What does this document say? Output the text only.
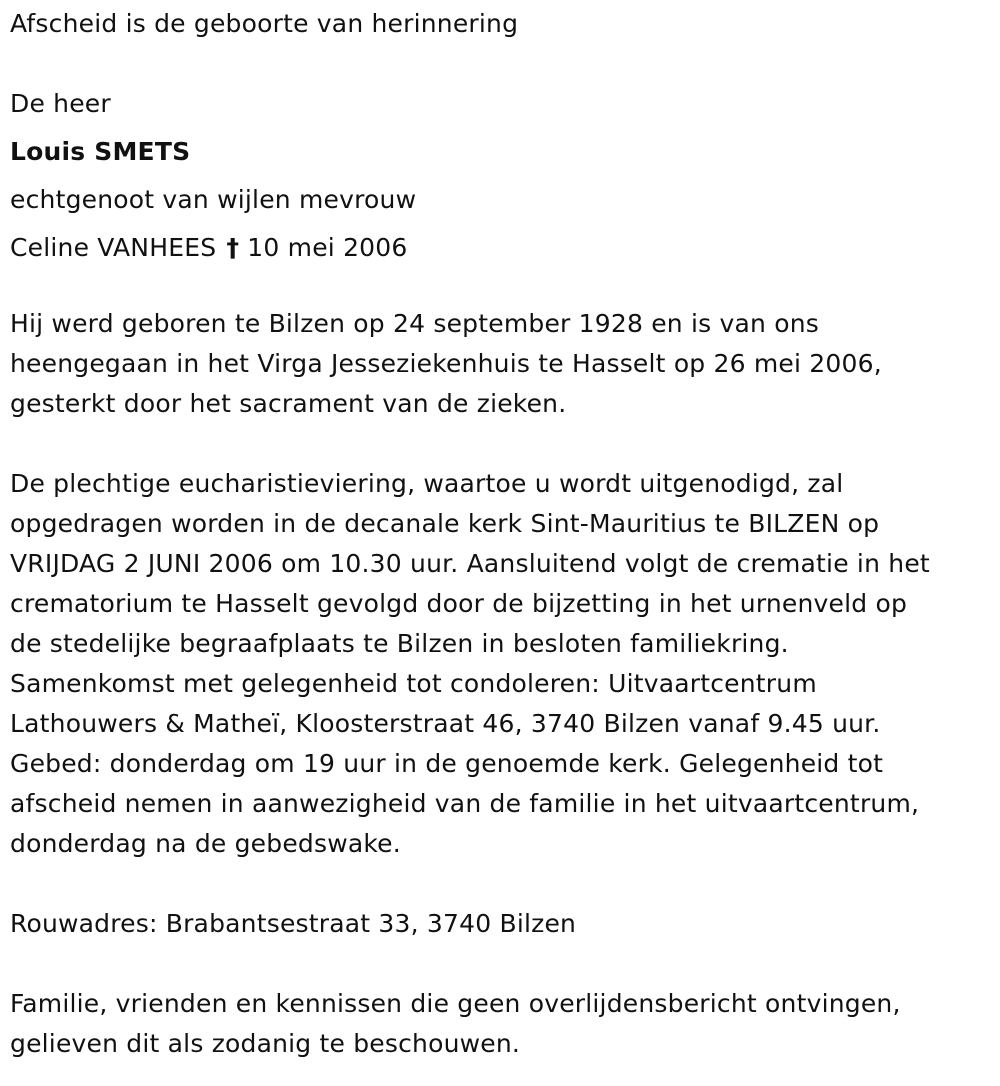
Afscheid is de geboorte van herinnering
De heer
Louis SMETS
echtgenoot van wijlen mevrouw
Celine VANHEES † 10 mei 2006
Hij werd geboren te Bilzen op 24 september 1928 en is van ons
heengegaan in het Virga Jesseziekenhuis te Hasselt op 26 mei 2006,
gesterkt door het sacrament van de zieken.
De plechtige eucharistieviering, waartoe u wordt uitgenodigd, zal
opgedragen worden in de decanale kerk Sint-Mauritius te BILZEN op
VRIJDAG 2 JUNI 2006 om 10.30 uur. Aansluitend volgt de crematie in het
crematorium te Hasselt gevolgd door de bijzetting in het urnenveld op
de stedelijke begraafplaats te Bilzen in besloten familiekring.
Samenkomst met gelegenheid tot condoleren: Uitvaartcentrum
Lathouwers & Matheï, Kloosterstraat 46, 3740 Bilzen vanaf 9.45 uur.
Gebed: donderdag om 19 uur in de genoemde kerk. Gelegenheid tot
afscheid nemen in aanwezigheid van de familie in het uitvaartcentrum,
donderdag na de gebedswake.
Rouwadres: Brabantsestraat 33, 3740 Bilzen
Familie, vrienden en kennissen die geen overlijdensbericht ontvingen,
gelieven dit als zodanig te beschouwen.
